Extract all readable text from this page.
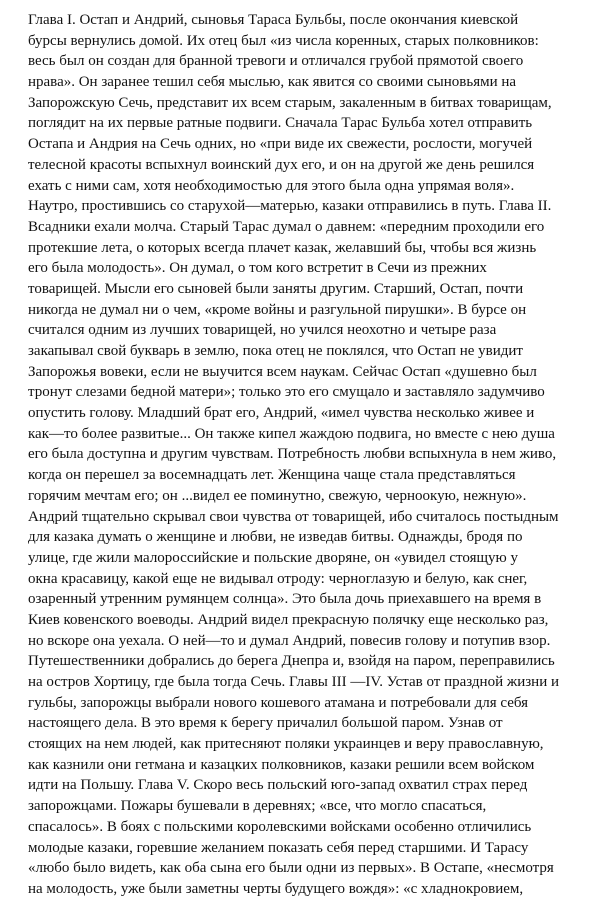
Глава I. Остап и Андрий, сыновья Тараса Бульбы, после окончания киевской
бурсы вернулись домой. Их отец был «из числа коренных, старых полковников:
весь был он создан для бранной тревоги и отличался грубой прямотой своего
нрава». Он заранее тешил себя мыслью, как явится со своими сыновьями на
Запорожскую Сечь, представит их всем старым, закаленным в битвах товарищам,
поглядит на их первые ратные подвиги. Сначала Тарас Бульба хотел отправить
Остапа и Андрия на Сечь одних, но «при виде их свежести, рослости, могучей
телесной красоты вспыхнул воинский дух его, и он на другой же день решился
ехать с ними сам, хотя необходимостью для этого была одна упрямая воля».
Наутро, простившись со старухой—матерью, казаки отправились в путь. Глава II.
Всадники ехали молча. Старый Тарас думал о давнем: «передним проходили его
протекшие лета, о которых всегда плачет казак, желавший бы, чтобы вся жизнь
его была молодость». Он думал, о том кого встретит в Сечи из прежних
товарищей. Мысли его сыновей были заняты другим. Старший, Остап, почти
никогда не думал ни о чем, «кроме войны и разгульной пирушки». В бурсе он
считался одним из лучших товарищей, но учился неохотно и четыре раза
закапывал свой букварь в землю, пока отец не поклялся, что Остап не увидит
Запорожья вовеки, если не выучится всем наукам. Сейчас Остап «душевно был
тронут слезами бедной матери»; только это его смущало и заставляло задумчиво
опустить голову. Младший брат его, Андрий, «имел чувства несколько живее и
как—то более развитые... Он также кипел жаждою подвига, но вместе с нею душа
его была доступна и другим чувствам. Потребность любви вспыхнула в нем живо,
когда он перешел за восемнадцать лет. Женщина чаще стала представляться
горячим мечтам его; он ...видел ее поминутно, свежую, черноокую, нежную».
Андрий тщательно скрывал свои чувства от товарищей, ибо считалось постыдным
для казака думать о женщине и любви, не изведав битвы. Однажды, бродя по
улице, где жили малороссийские и польские дворяне, он «увидел стоящую у
окна красавицу, какой еще не видывал отроду: черноглазую и белую, как снег,
озаренный утренним румянцем солнца». Это была дочь приехавшего на время в
Киев ковенского воеводы. Андрий видел прекрасную полячку еще несколько раз,
но вскоре она уехала. О ней—то и думал Андрий, повесив голову и потупив взор.
Путешественники добрались до берега Днепра и, взойдя на паром, переправились
на остров Хортицу, где была тогда Сечь. Главы III —IV. Устав от праздной жизни и
гульбы, запорожцы выбрали нового кошевого атамана и потребовали для себя
настоящего дела. В это время к берегу причалил большой паром. Узнав от
стоящих на нем людей, как притесняют поляки украинцев и веру православную,
как казнили они гетмана и казацких полковников, казаки решили всем войском
идти на Польшу. Глава V. Скоро весь польский юго-запад охватил страх перед
запорожцами. Пожары бушевали в деревнях; «все, что могло спасаться,
спасалось». В боях с польскими королевскими войсками особенно отличились
молодые казаки, горевшие желанием показать себя перед старшими. И Тарасу
«любо было видеть, как оба сына его были одни из первых». В Остапе, «несмотря
на молодость, уже были заметны черты будущего вождя»: «с хладнокровием,
